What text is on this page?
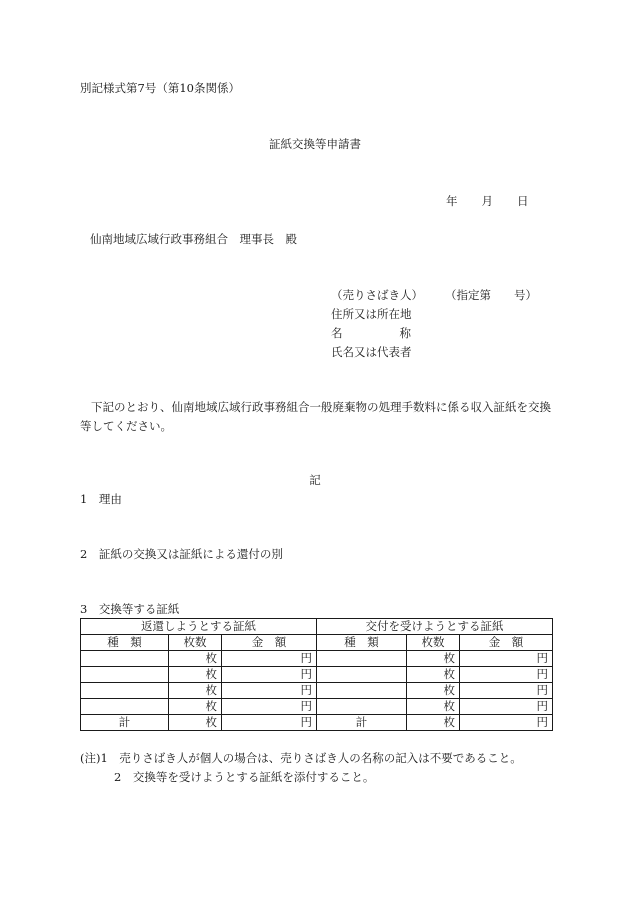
別記様式第7号（第10条関係）
証紙交換等申請書
年 月 日
仙南地域広域行政事務組合　理事長　殿
（売りさばき人） （指定第　　号）
住所又は所在地
名	称
氏名又は代表者
下記のとおり、仙南地域広域行政事務組合一般廃棄物の処理手数料に係る収入証紙を交換等してください。
記
1　理由
2　証紙の交換又は証紙による還付の別
3　交換等する証紙
返還しようとする証紙			交付を受けようとする証紙		
種　類	枚数	金　額	種　類	枚数	金　額
	枚	円		枚	円
	枚	円		枚	円
	枚	円		枚	円
	枚	円		枚	円
計	枚	円	計	枚	円
(注)1　売りさばき人が個人の場合は、売りさばき人の名称の記入は不要であること。
2　交換等を受けようとする証紙を添付すること。
